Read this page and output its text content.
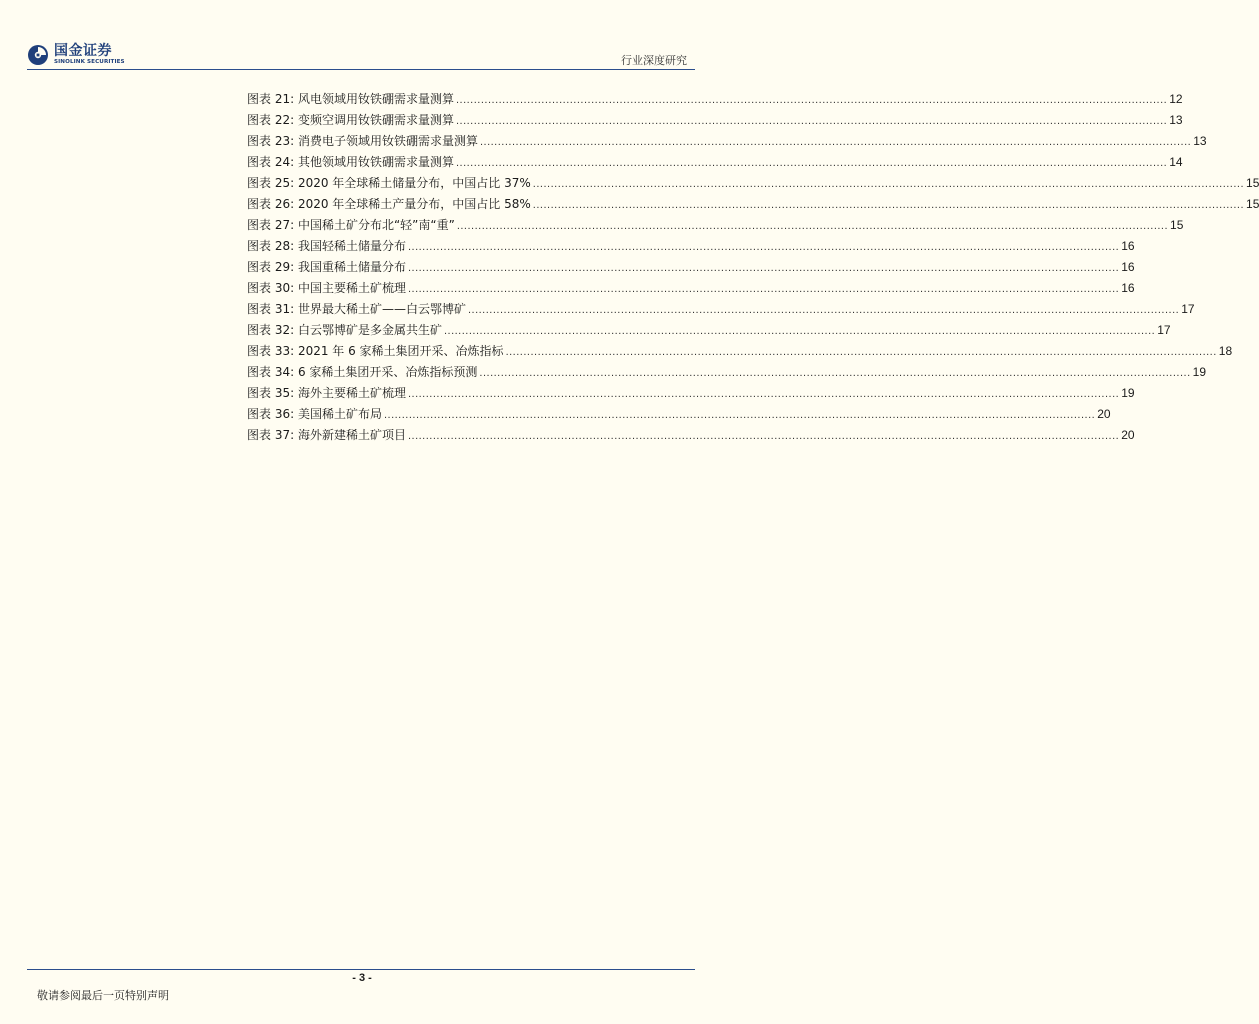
国金证券
SINOLINK SECURITIES	行业深度研究
图表 21: 风电领域用钕铁硼需求量测算 ........................................................................................................................................................................................................ 12
图表 22: 变频空调用钕铁硼需求量测算 ........................................................................................................................................................................................................ 13
图表 23: 消费电子领域用钕铁硼需求量测算 ........................................................................................................................................................................................................ 13
图表 24: 其他领域用钕铁硼需求量测算 ........................................................................................................................................................................................................ 14
图表 25: 2020 年全球稀土储量分布，中国占比 37% ........................................................................................................................................................................................................ 15
图表 26: 2020 年全球稀土产量分布，中国占比 58% ........................................................................................................................................................................................................ 15
图表 27: 中国稀土矿分布北“轻”南“重” ........................................................................................................................................................................................................ 15
图表 28: 我国轻稀土储量分布 ........................................................................................................................................................................................................ 16
图表 29: 我国重稀土储量分布 ........................................................................................................................................................................................................ 16
图表 30: 中国主要稀土矿梳理 ........................................................................................................................................................................................................ 16
图表 31: 世界最大稀土矿——白云鄂博矿 ........................................................................................................................................................................................................ 17
图表 32: 白云鄂博矿是多金属共生矿 ........................................................................................................................................................................................................ 17
图表 33: 2021 年 6 家稀土集团开采、冶炼指标 ........................................................................................................................................................................................................ 18
图表 34: 6 家稀土集团开采、冶炼指标预测 ........................................................................................................................................................................................................ 19
图表 35: 海外主要稀土矿梳理 ........................................................................................................................................................................................................ 19
图表 36: 美国稀土矿布局 ........................................................................................................................................................................................................ 20
图表 37: 海外新建稀土矿项目 ........................................................................................................................................................................................................ 20
- 3 -
敬请参阅最后一页特别声明
